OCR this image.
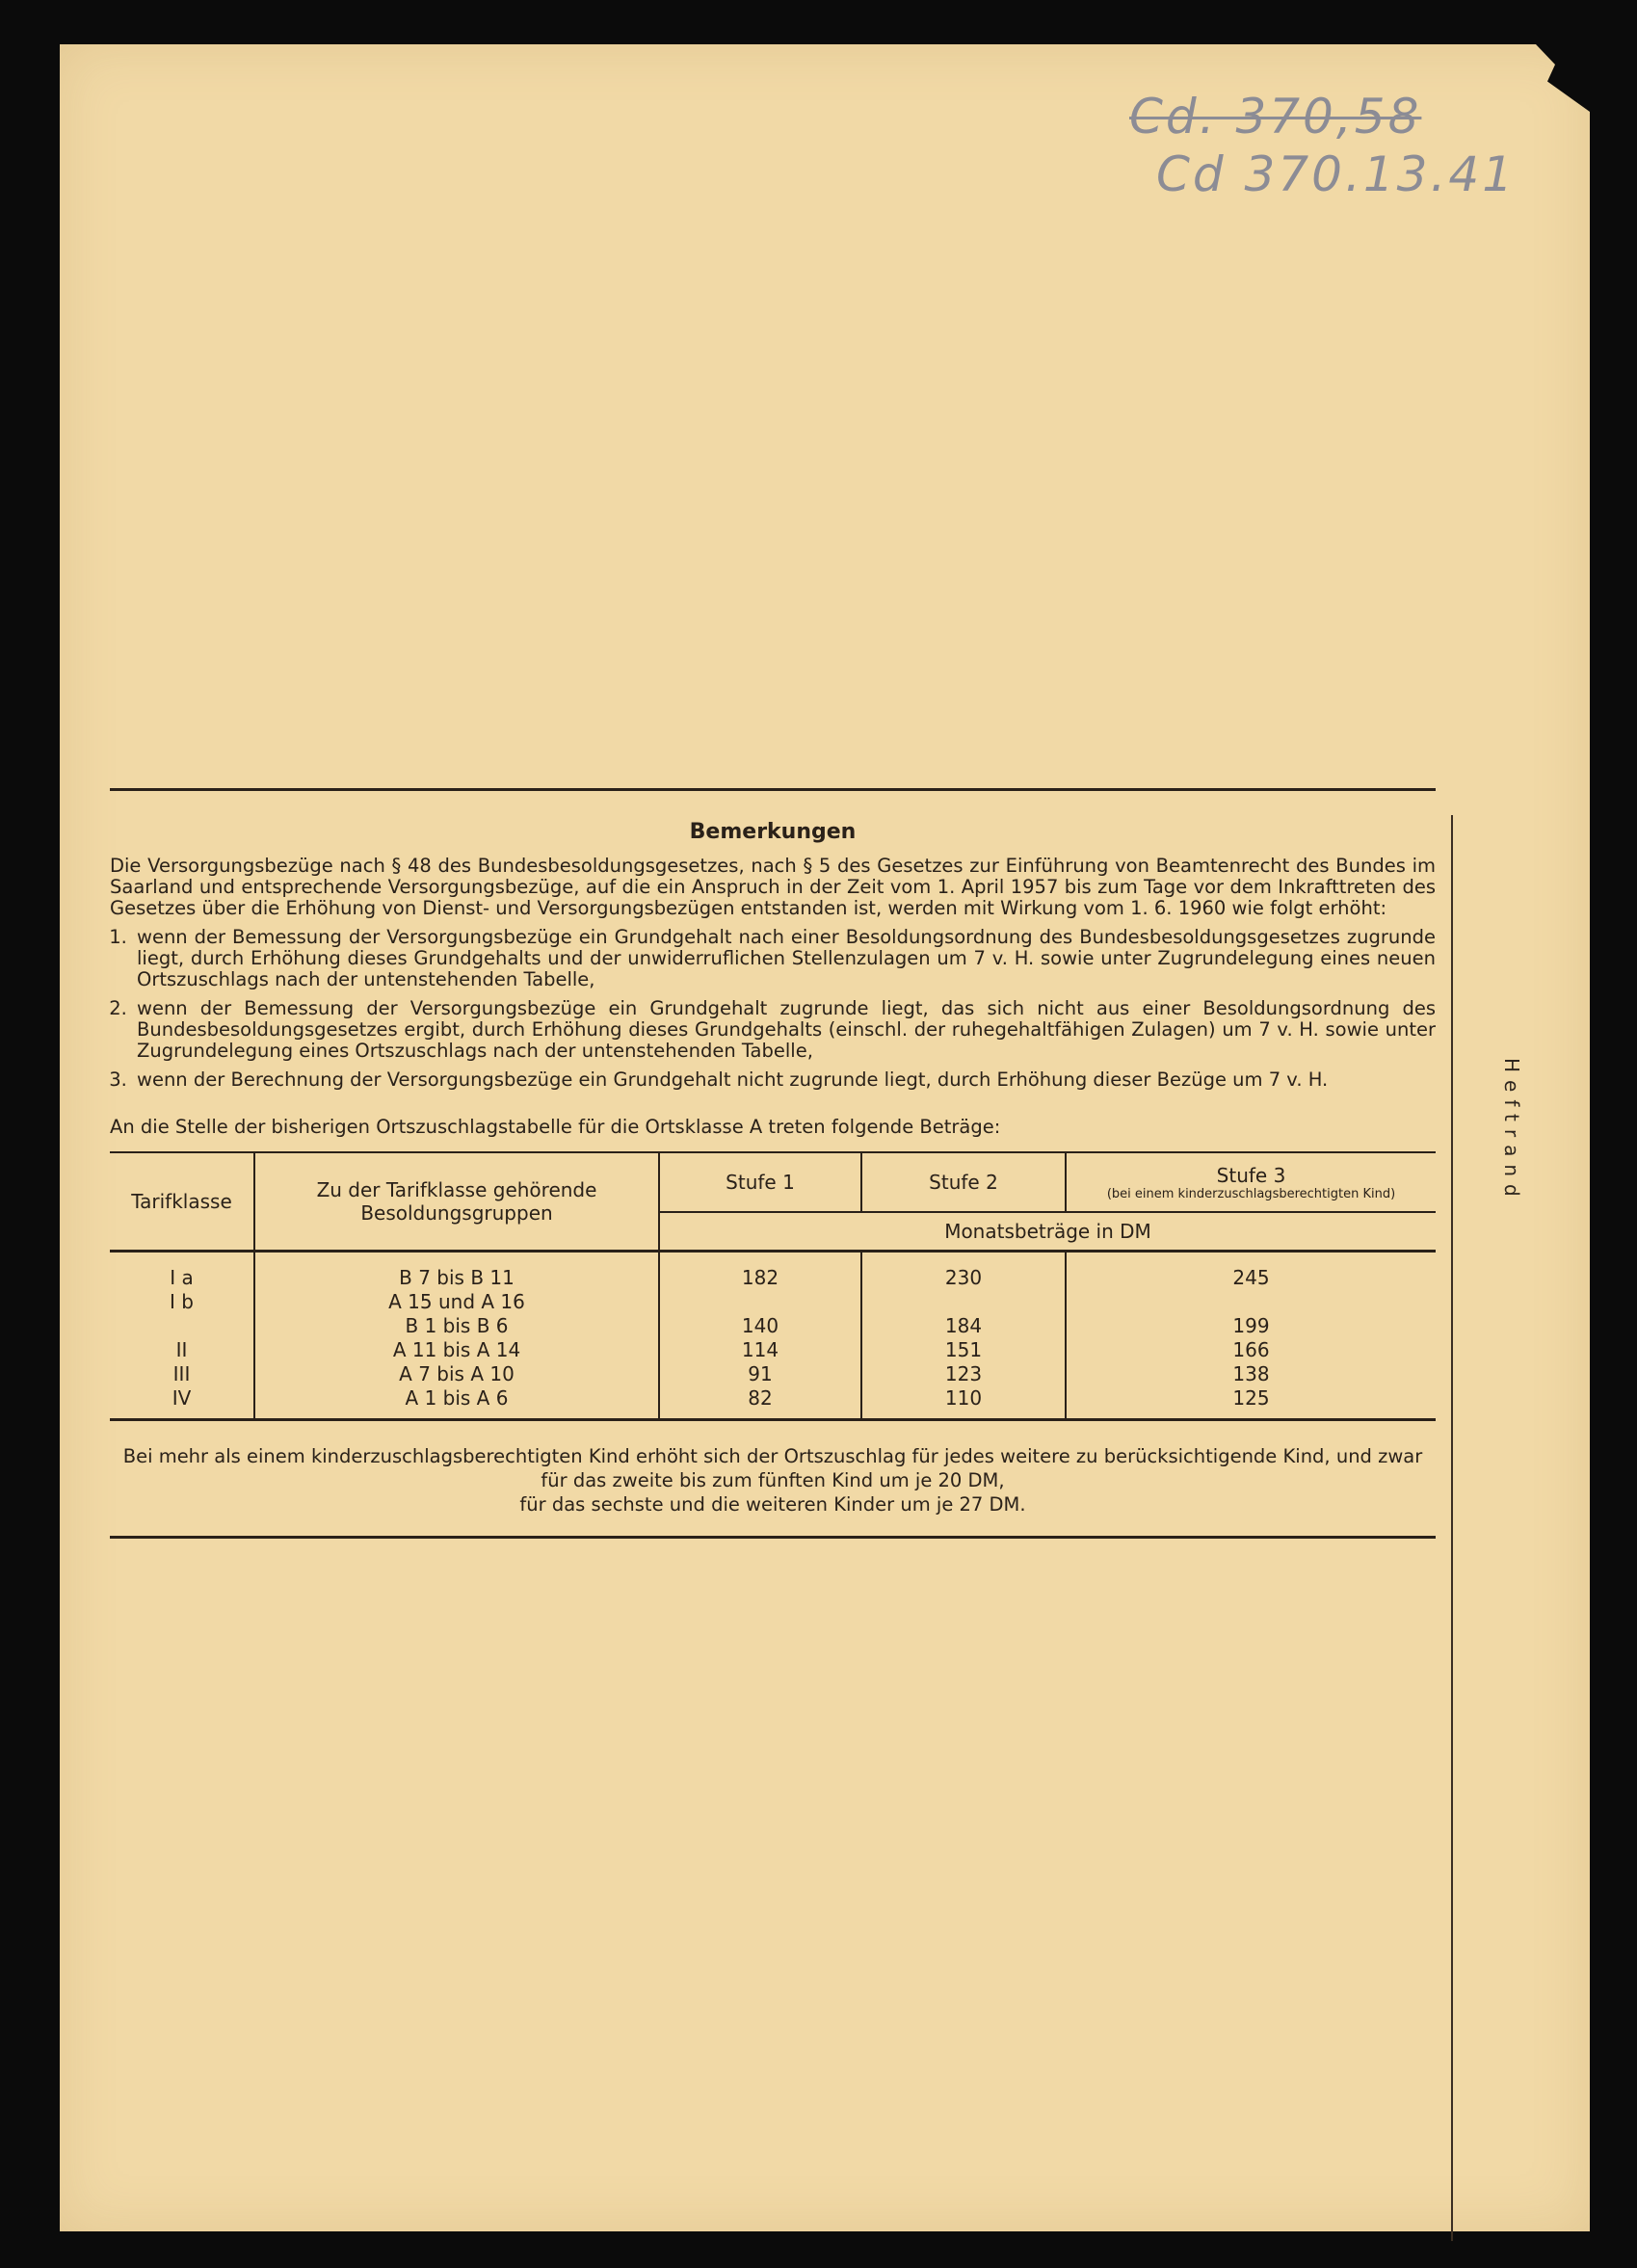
Cd. 370,58
Cd 370.13.41
Heftrand
Bemerkungen

Die Versorgungsbezüge nach § 48 des Bundesbesoldungsgesetzes, nach § 5 des Gesetzes zur Einführung von Beamtenrecht des Bundes im Saarland und entsprechende Versorgungsbezüge, auf die ein Anspruch in der Zeit vom 1. April 1957 bis zum Tage vor dem Inkrafttreten des Gesetzes über die Erhöhung von Dienst- und Versorgungsbezügen entstanden ist, werden mit Wirkung vom 1. 6. 1960 wie folgt erhöht:

1. wenn der Bemessung der Versorgungsbezüge ein Grundgehalt nach einer Besoldungsordnung des Bundesbesoldungsgesetzes zugrunde liegt, durch Erhöhung dieses Grundgehalts und der unwiderruflichen Stellenzulagen um 7 v. H. sowie unter Zugrundelegung eines neuen Ortszuschlags nach der untenstehenden Tabelle,
2. wenn der Bemessung der Versorgungsbezüge ein Grundgehalt zugrunde liegt, das sich nicht aus einer Besoldungsordnung des Bundesbesoldungsgesetzes ergibt, durch Erhöhung dieses Grundgehalts (einschl. der ruhegehaltfähigen Zulagen) um 7 v. H. sowie unter Zugrundelegung eines Ortszuschlags nach der untenstehenden Tabelle,
3. wenn der Berechnung der Versorgungsbezüge ein Grundgehalt nicht zugrunde liegt, durch Erhöhung dieser Bezüge um 7 v. H.
An die Stelle der bisherigen Ortszuschlagstabelle für die Ortsklasse A treten folgende Beträge:
Tarifklasse	Zu der Tarifklasse gehörende Besoldungsgruppen	Stufe 1	Stufe 2	Stufe 3
(bei einem kinderzuschlagsberechtigten Kind)

		Monatsbeträge in DM		
I a	B 7 bis B 11	182	230	245
I b	A 15 und A 16			
	B 1 bis B 6	140	184	199
II	A 11 bis A 14	114	151	166
III	A 7 bis A 10	91	123	138
IV	A 1 bis A 6	82	110	125
Bei mehr als einem kinderzuschlagsberechtigten Kind erhöht sich der Ortszuschlag für jedes weitere zu berücksichtigende Kind, und zwar
für das zweite bis zum fünften Kind um je 20 DM,
für das sechste und die weiteren Kinder um je 27 DM.
